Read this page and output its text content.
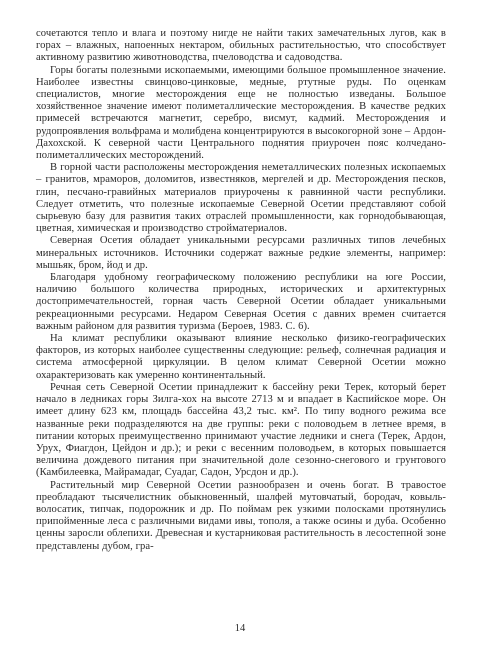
сочетаются тепло и влага и поэтому нигде не найти таких замечательных лугов, как в горах – влажных, напоенных нектаром, обильных растительностью, что способствует активному развитию животноводства, пчеловодства и садоводства.

Горы богаты полезными ископаемыми, имеющими большое промышленное значение. Наиболее известны свинцово-цинковые, медные, ртутные руды. По оценкам специалистов, многие месторождения еще не полностью изведаны. Большое хозяйственное значение имеют полиметаллические месторождения. В качестве редких примесей встречаются магнетит, серебро, висмут, кадмий. Месторождения и рудопроявления вольфрама и молибдена концентрируются в высокогорной зоне – Ардон-Дахохской. К северной части Центрального поднятия приурочен пояс колчедано-полиметаллических месторождений.

В горной части расположены месторождения неметаллических полезных ископаемых – гранитов, мраморов, доломитов, известняков, мергелей и др. Месторождения песков, глин, песчано-гравийных материалов приурочены к равнинной части республики. Следует отметить, что полезные ископаемые Северной Осетии представляют собой сырьевую базу для развития таких отраслей промышленности, как горнодобывающая, цветная, химическая и производство стройматериалов.

Северная Осетия обладает уникальными ресурсами различных типов лечебных минеральных источников. Источники содержат важные редкие элементы, например: мышьяк, бром, йод и др.

Благодаря удобному географическому положению республики на юге России, наличию большого количества природных, исторических и архитектурных достопримечательностей, горная часть Северной Осетии обладает уникальными рекреационными ресурсами. Недаром Северная Осетия с давних времен считается важным районом для развития туризма (Бероев, 1983. С. 6).

На климат республики оказывают влияние несколько физико-географических факторов, из которых наиболее существенны следующие: рельеф, солнечная радиация и система атмосферной циркуляции. В целом климат Северной Осетии можно охарактеризовать как умеренно континентальный.

Речная сеть Северной Осетии принадлежит к бассейну реки Терек, который берет начало в ледниках горы Зилга-хох на высоте 2713 м и впадает в Каспийское море. Он имеет длину 623 км, площадь бассейна 43,2 тыс. км². По типу водного режима все названные реки подразделяются на две группы: реки с половодьем в летнее время, в питании которых преимущественно принимают участие ледники и снега (Терек, Ардон, Урух, Фиагдон, Цейдон и др.); и реки с весенним половодьем, в которых повышается величина дождевого питания при значительной доле сезонно-снегового и грунтового (Камбилеевка, Майрамадаг, Суадаг, Садон, Урсдон и др.).

Растительный мир Северной Осетии разнообразен и очень богат. В травостое преобладают тысячелистник обыкновенный, шалфей мутовчатый, бородач, ковыль-волосатик, типчак, подорожник и др. По поймам рек узкими полосками протянулись припойменные леса с различными видами ивы, тополя, а также осины и дуба. Особенно ценны заросли облепихи. Древесная и кустарниковая растительность в лесостепной зоне представлены дубом, гра-

14
